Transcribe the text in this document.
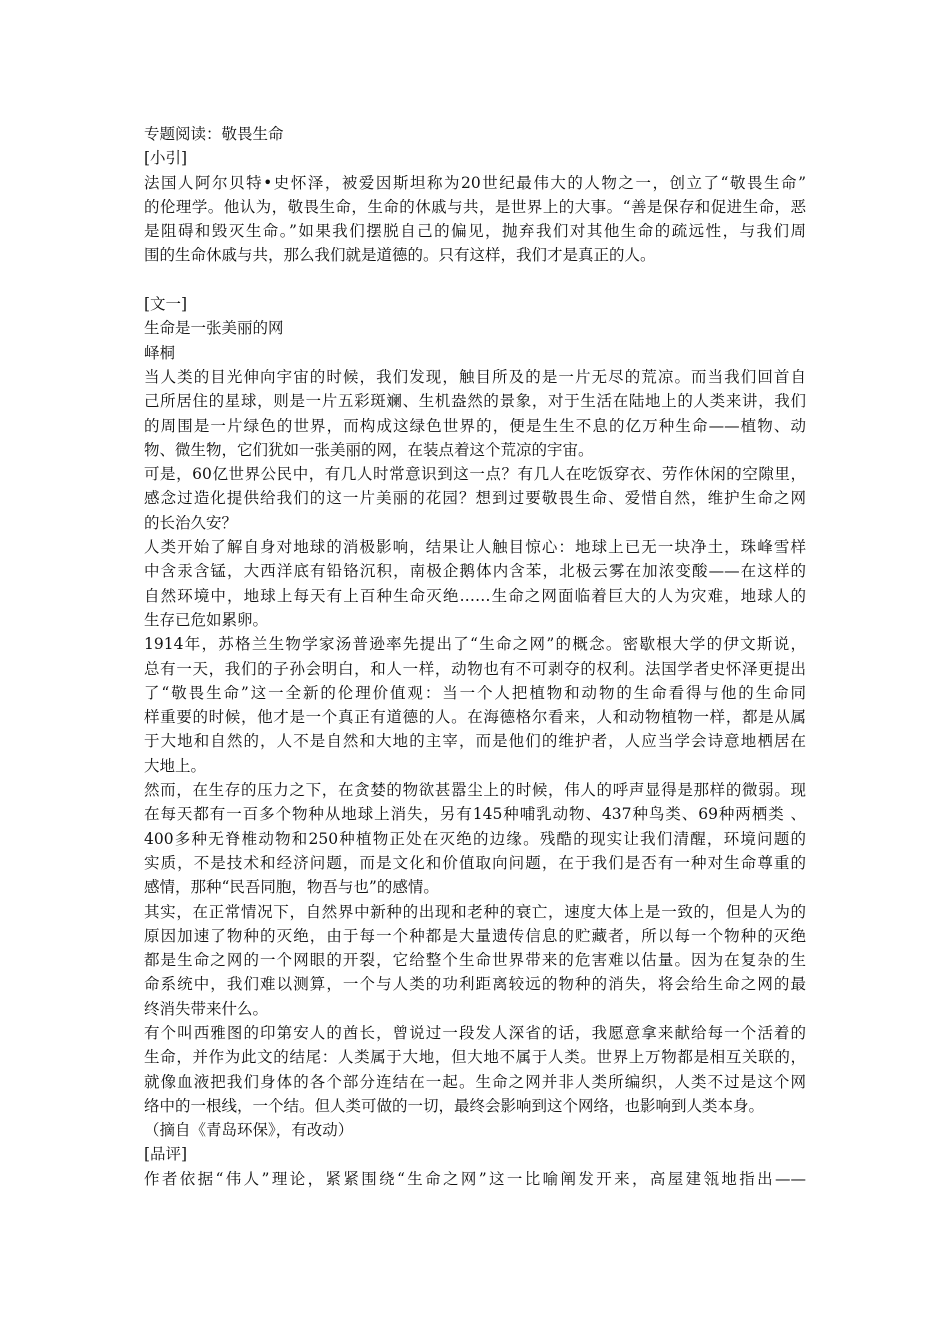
专题阅读：敬畏生命
[小引]
法国人阿尔贝特•史怀泽，被爱因斯坦称为20世纪最伟大的人物之一，创立了“敬畏生命”
的伦理学。他认为，敬畏生命，生命的休戚与共，是世界上的大事。“善是保存和促进生命，恶
是阻碍和毁灭生命。”如果我们摆脱自己的偏见，抛弃我们对其他生命的疏远性，与我们周
围的生命休戚与共，那么我们就是道德的。只有这样，我们才是真正的人。
[文一]
生命是一张美丽的网
峄桐
当人类的目光伸向宇宙的时候，我们发现，触目所及的是一片无尽的荒凉。而当我们回首自
己所居住的星球，则是一片五彩斑斓、生机盎然的景象，对于生活在陆地上的人类来讲，我们
的周围是一片绿色的世界，而构成这绿色世界的，便是生生不息的亿万种生命——植物、动
物、微生物，它们犹如一张美丽的网，在装点着这个荒凉的宇宙。
可是，60亿世界公民中，有几人时常意识到这一点？有几人在吃饭穿衣、劳作休闲的空隙里，
感念过造化提供给我们的这一片美丽的花园？想到过要敬畏生命、爱惜自然，维护生命之网
的长治久安？
人类开始了解自身对地球的消极影响，结果让人触目惊心：地球上已无一块净土，珠峰雪样
中含汞含锰，大西洋底有铅铬沉积，南极企鹅体内含苯，北极云雾在加浓变酸——在这样的
自然环境中，地球上每天有上百种生命灭绝……生命之网面临着巨大的人为灾难，地球人的
生存已危如累卵。
1914年，苏格兰生物学家汤普逊率先提出了“生命之网”的概念。密歇根大学的伊文斯说，
总有一天，我们的子孙会明白，和人一样，动物也有不可剥夺的权利。法国学者史怀泽更提出
了“敬畏生命”这一全新的伦理价值观：当一个人把植物和动物的生命看得与他的生命同
样重要的时候，他才是一个真正有道德的人。在海德格尔看来，人和动物植物一样，都是从属
于大地和自然的，人不是自然和大地的主宰，而是他们的维护者，人应当学会诗意地栖居在
大地上。
然而，在生存的压力之下，在贪婪的物欲甚嚣尘上的时候，伟人的呼声显得是那样的微弱。现
在每天都有一百多个物种从地球上消失，另有145种哺乳动物、437种鸟类、69种两栖类 、
400多种无脊椎动物和250种植物正处在灭绝的边缘。残酷的现实让我们清醒，环境问题的
实质，不是技术和经济问题，而是文化和价值取向问题，在于我们是否有一种对生命尊重的
感情，那种“民吾同胞，物吾与也”的感情。
其实，在正常情况下，自然界中新种的出现和老种的衰亡，速度大体上是一致的，但是人为的
原因加速了物种的灭绝，由于每一个种都是大量遗传信息的贮藏者，所以每一个物种的灭绝
都是生命之网的一个网眼的开裂，它给整个生命世界带来的危害难以估量。因为在复杂的生
命系统中，我们难以测算，一个与人类的功利距离较远的物种的消失，将会给生命之网的最
终消失带来什么。
有个叫西雅图的印第安人的酋长，曾说过一段发人深省的话，我愿意拿来献给每一个活着的
生命，并作为此文的结尾：人类属于大地，但大地不属于人类。世界上万物都是相互关联的，
就像血液把我们身体的各个部分连结在一起。生命之网并非人类所编织，人类不过是这个网
络中的一根线，一个结。但人类可做的一切，最终会影响到这个网络，也影响到人类本身。
（摘自《青岛环保》，有改动）
[品评]
作者依据“伟人”理论，紧紧围绕“生命之网”这一比喻阐发开来，高屋建瓴地指出——
